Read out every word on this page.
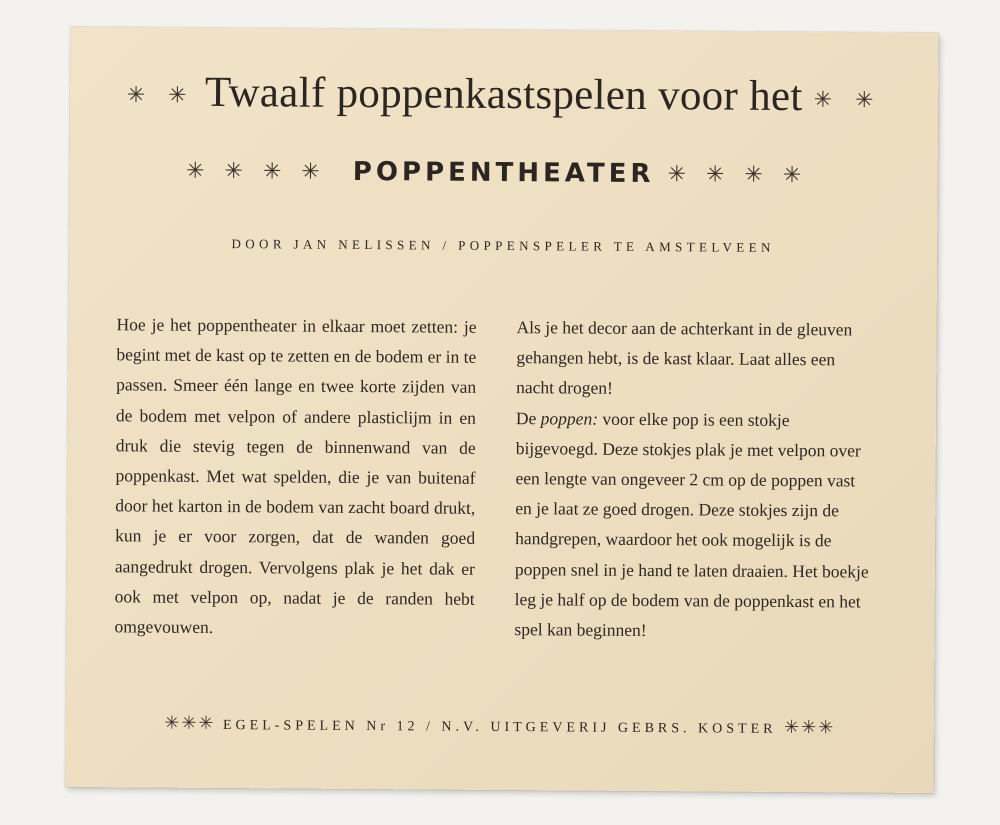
✳ ✳ Twaalf poppenkastspelen voor het ✳ ✳
✳✳✳✳ POPPENTHEATER ✳✳✳✳
DOOR JAN NELISSEN / POPPENSPELER TE AMSTELVEEN

Hoe je het poppentheater in elkaar moet zetten: je begint met de kast op te zetten en de bodem er in te passen. Smeer één lange en twee korte zijden van de bodem met velpon of andere plasticlijm in en druk die stevig tegen de binnenwand van de poppenkast. Met wat spelden, die je van buitenaf door het karton in de bodem van zacht board drukt, kun je er voor zorgen, dat de wanden goed aangedrukt drogen. Vervolgens plak je het dak er ook met velpon op, nadat je de randen hebt omgevouwen.

Als je het decor aan de achterkant in de gleuven gehangen hebt, is de kast klaar. Laat alles een nacht drogen!

De poppen: voor elke pop is een stokje bijgevoegd. Deze stokjes plak je met velpon over een lengte van ongeveer 2 cm op de poppen vast en je laat ze goed drogen. Deze stokjes zijn de handgrepen, waardoor het ook mogelijk is de poppen snel in je hand te laten draaien. Het boekje leg je half op de bodem van de poppenkast en het spel kan beginnen!

✳✳✳ EGEL-SPELEN Nr 12 / N.V. UITGEVERIJ GEBRS. KOSTER ✳✳✳
